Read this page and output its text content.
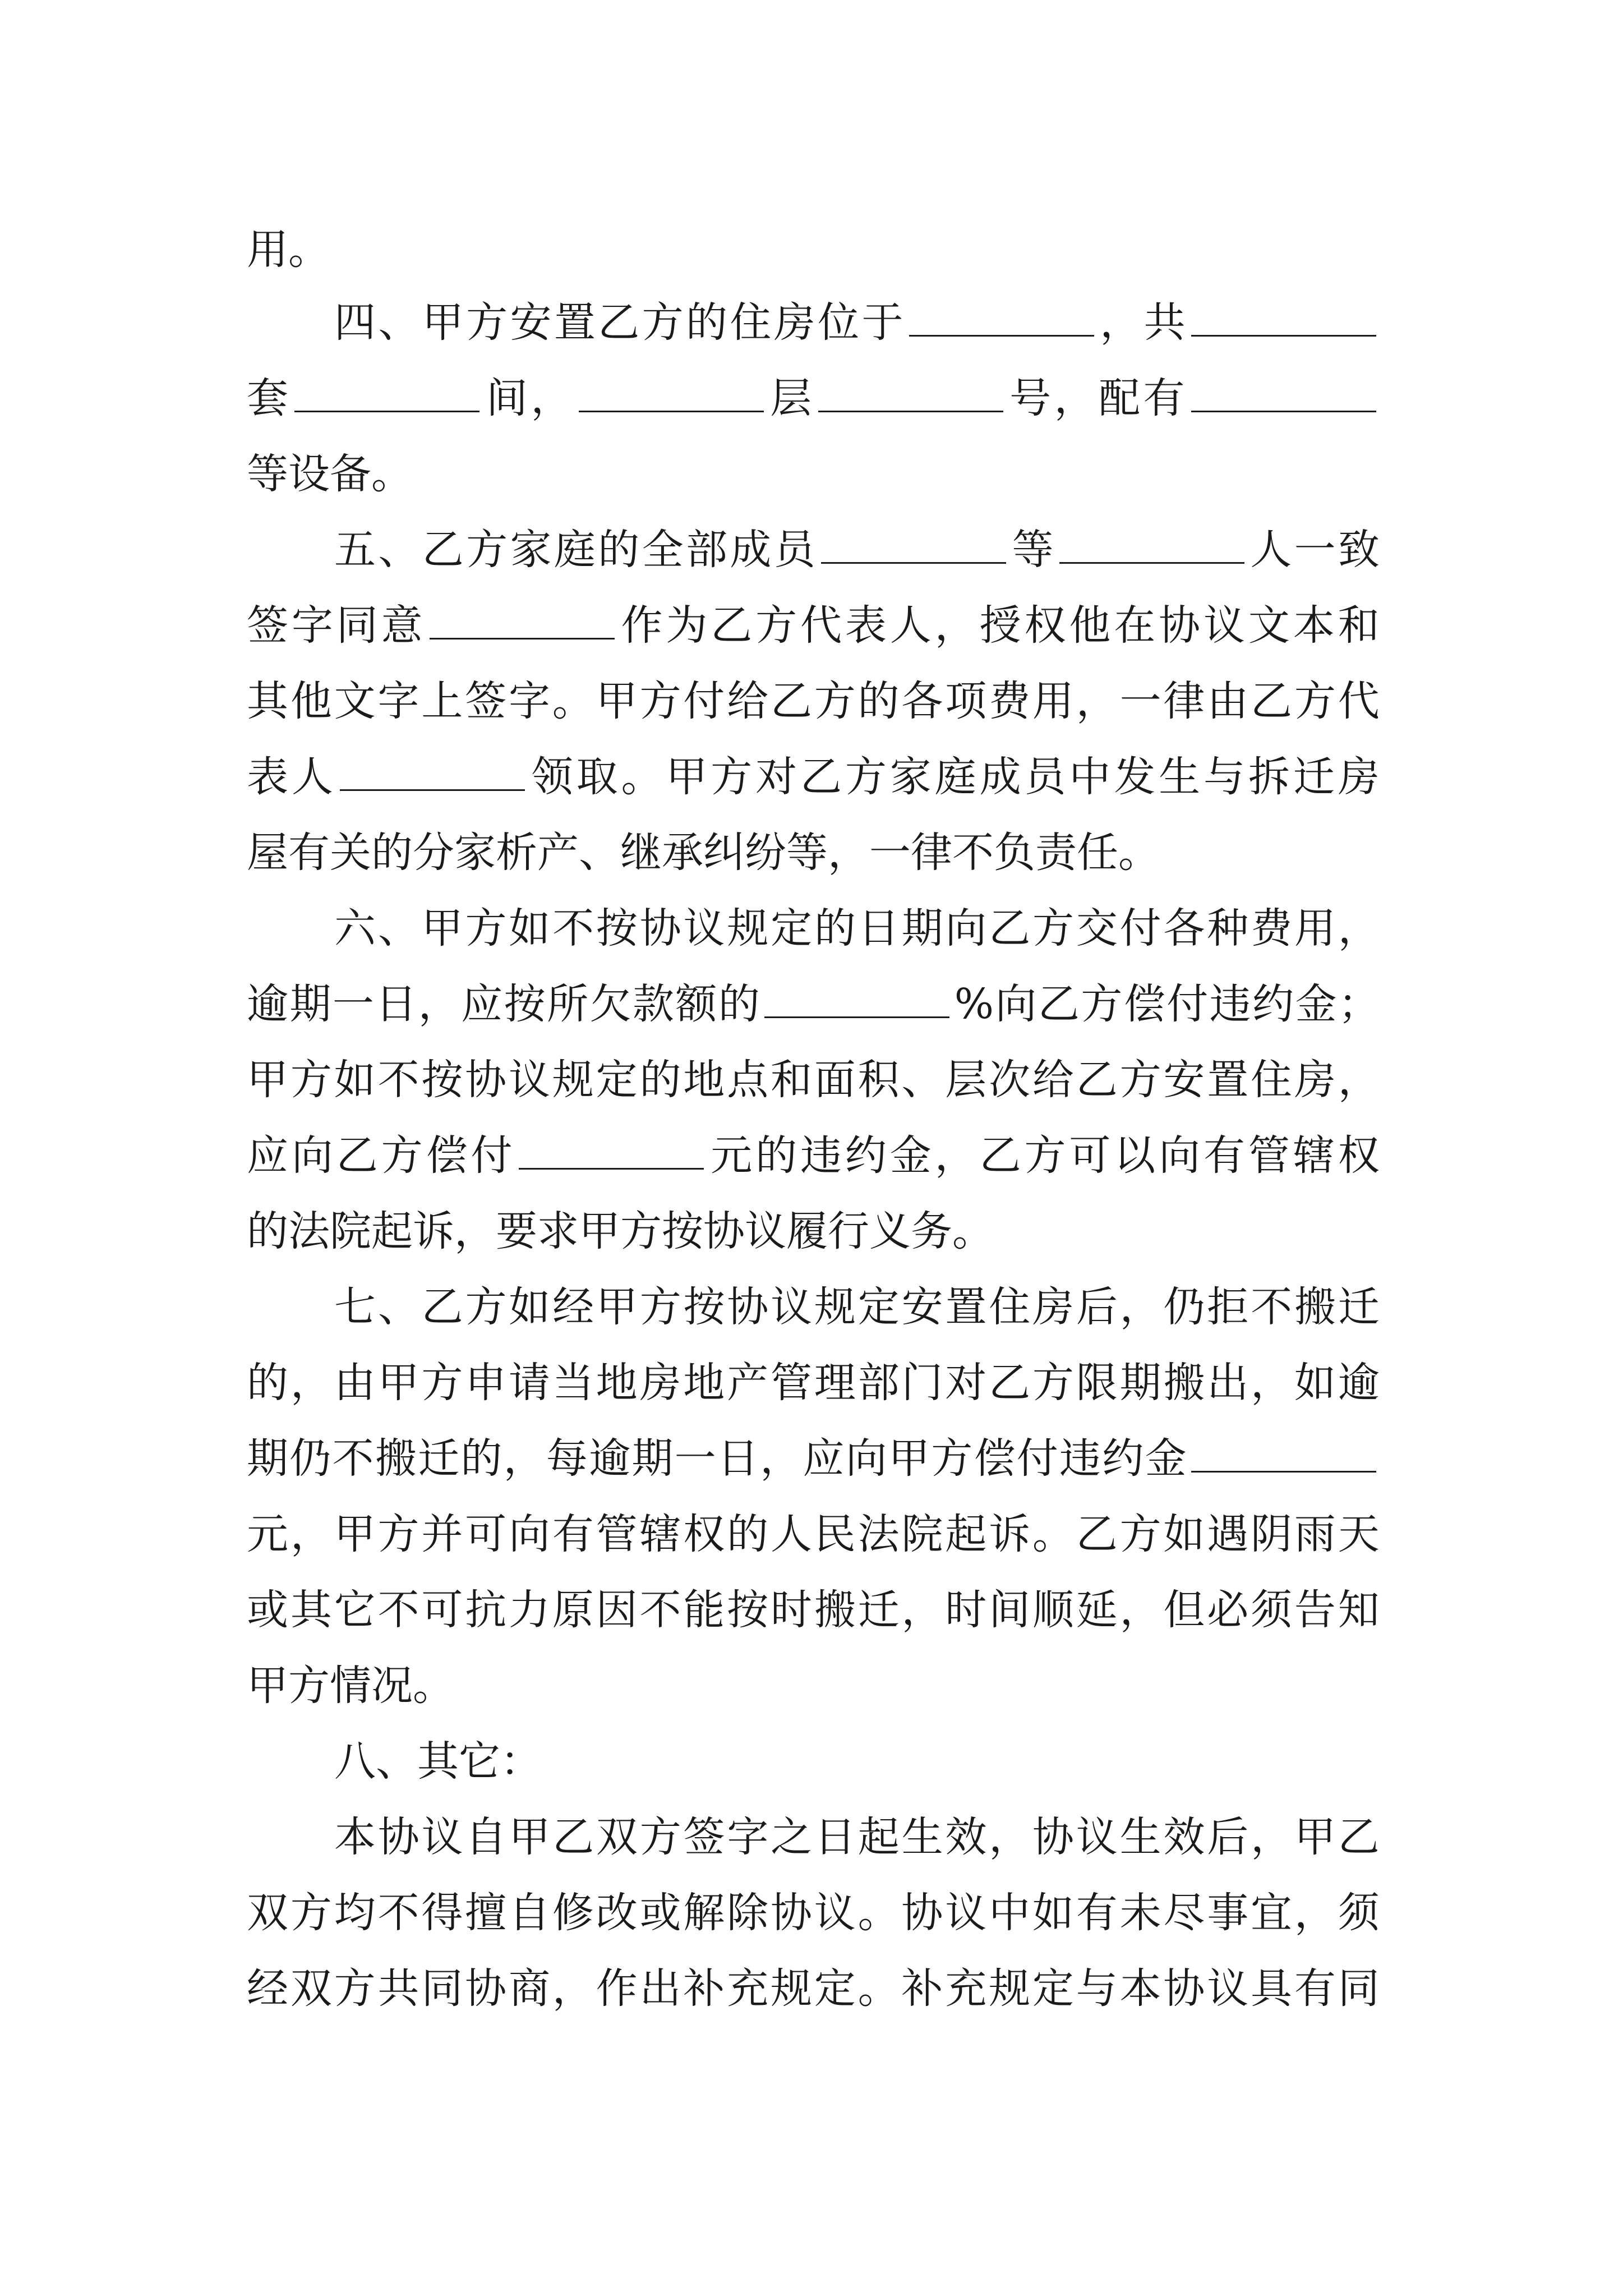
用。
四 、 甲 方 安 置 乙 方 的 住 房 位 于	， 共
套	间 ，	层	号 ， 配 有
等设备。
五 、 乙 方 家 庭 的 全 部 成 员	等	人 一 致
签 字 同 意	作 为 乙 方 代 表 人 ， 授 权 他 在 协 议 文 本 和
其 他 文 字 上 签 字 。 甲 方 付 给 乙 方 的 各 项 费 用 ， 一 律 由 乙 方 代
表 人	领 取 。 甲 方 对 乙 方 家 庭 成 员 中 发 生 与 拆 迁 房
屋有关的分家析产、继承纠纷等，一律不负责任。
六 、 甲 方 如 不 按 协 议 规 定 的 日 期 向 乙 方 交 付 各 种 费 用 ，
逾 期 一 日 ， 应 按 所 欠 款 额 的	% 向 乙 方 偿 付 违 约 金 ；
甲 方 如 不 按 协 议 规 定 的 地 点 和 面 积 、 层 次 给 乙 方 安 置 住 房 ，
应 向 乙 方 偿 付	元 的 违 约 金 ， 乙 方 可 以 向 有 管 辖 权
的法院起诉，要求甲方按协议履行义务。
七 、 乙 方 如 经 甲 方 按 协 议 规 定 安 置 住 房 后 ， 仍 拒 不 搬 迁
的 ， 由 甲 方 申 请 当 地 房 地 产 管 理 部 门 对 乙 方 限 期 搬 出 ， 如 逾
期 仍 不 搬 迁 的 ， 每 逾 期 一 日 ， 应 向 甲 方 偿 付 违 约 金
元 ， 甲 方 并 可 向 有 管 辖 权 的 人 民 法 院 起 诉 。 乙 方 如 遇 阴 雨 天
或 其 它 不 可 抗 力 原 因 不 能 按 时 搬 迁 ， 时 间 顺 延 ， 但 必 须 告 知
甲方情况。
八、其它：
本 协 议 自 甲 乙 双 方 签 字 之 日 起 生 效 ， 协 议 生 效 后 ， 甲 乙
双 方 均 不 得 擅 自 修 改 或 解 除 协 议 。 协 议 中 如 有 未 尽 事 宜 ， 须
经 双 方 共 同 协 商 ， 作 出 补 充 规 定 。 补 充 规 定 与 本 协 议 具 有 同
